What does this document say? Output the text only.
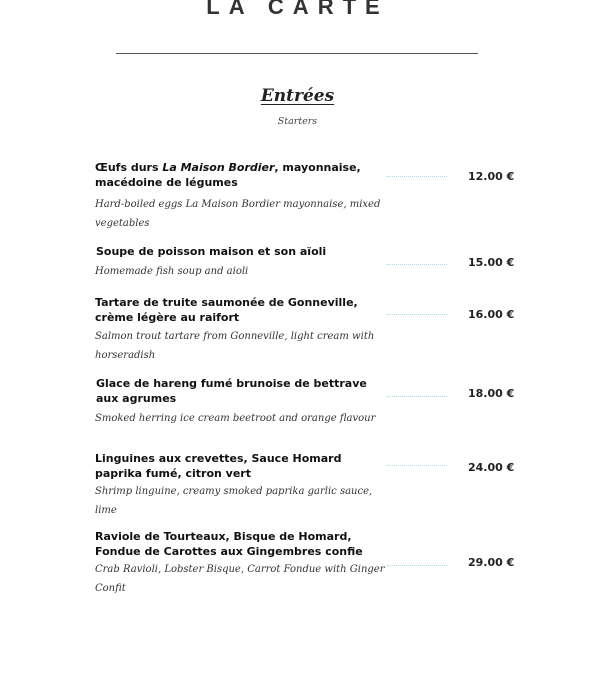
LA CARTE
Entrées
Starters
Œufs durs La Maison Bordier, mayonnaise, macédoine de légumes
Hard-boiled eggs La Maison Bordier mayonnaise, mixed vegetables
12.00 €
Soupe de poisson maison et son aïoli
Homemade fish soup and aioli
15.00 €
Tartare de truite saumonée de Gonneville, crème légère au raifort
Salmon trout tartare from Gonneville, light cream with horseradish
16.00 €
Glace de hareng fumé brunoise de bettrave aux agrumes
Smoked herring ice cream beetroot and orange flavour
18.00 €
Linguines aux crevettes, Sauce Homard paprika fumé, citron vert
Shrimp linguine, creamy smoked paprika garlic sauce, lime
24.00 €
Raviole de Tourteaux, Bisque de Homard, Fondue de Carottes aux Gingembres confie
Crab Ravioli, Lobster Bisque, Carrot Fondue with Ginger Confit
29.00 €
